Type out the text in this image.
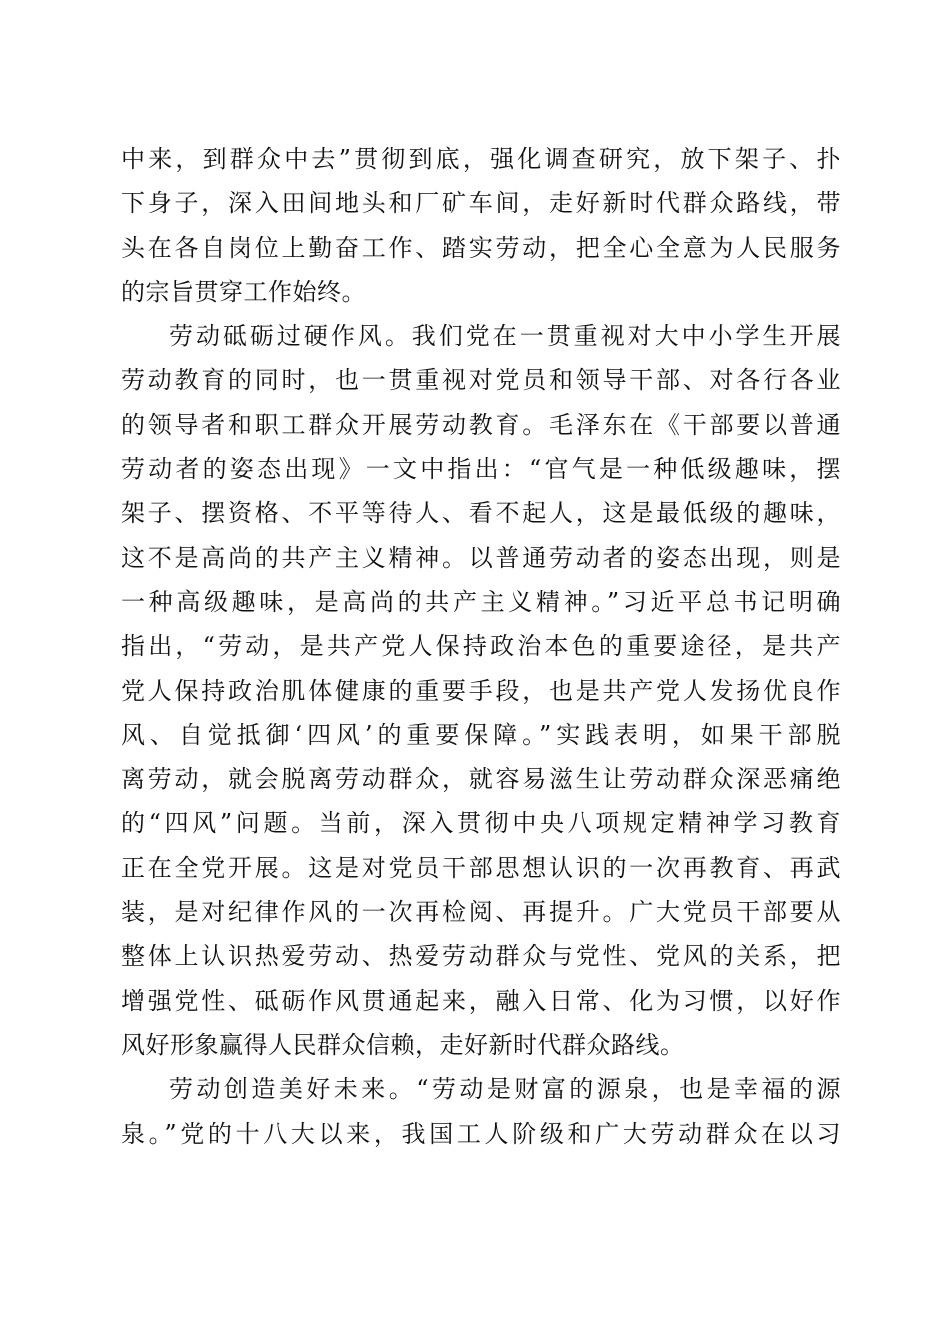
中来，到群众中去”贯彻到底，强化调查研究，放下架子、扑
下身子，深入田间地头和厂矿车间，走好新时代群众路线，带
头在各自岗位上勤奋工作、踏实劳动，把全心全意为人民服务
的宗旨贯穿工作始终。
劳动砥砺过硬作风。我们党在一贯重视对大中小学生开展
劳动教育的同时，也一贯重视对党员和领导干部、对各行各业
的领导者和职工群众开展劳动教育。毛泽东在《干部要以普通
劳动者的姿态出现》一文中指出：“官气是一种低级趣味，摆
架子、摆资格、不平等待人、看不起人，这是最低级的趣味，
这不是高尚的共产主义精神。以普通劳动者的姿态出现，则是
一种高级趣味，是高尚的共产主义精神。”习近平总书记明确
指出，“劳动，是共产党人保持政治本色的重要途径，是共产
党人保持政治肌体健康的重要手段，也是共产党人发扬优良作
风、自觉抵御‘四风’的重要保障。”实践表明，如果干部脱
离劳动，就会脱离劳动群众，就容易滋生让劳动群众深恶痛绝
的“四风”问题。当前，深入贯彻中央八项规定精神学习教育
正在全党开展。这是对党员干部思想认识的一次再教育、再武
装，是对纪律作风的一次再检阅、再提升。广大党员干部要从
整体上认识热爱劳动、热爱劳动群众与党性、党风的关系，把
增强党性、砥砺作风贯通起来，融入日常、化为习惯，以好作
风好形象赢得人民群众信赖，走好新时代群众路线。
劳动创造美好未来。“劳动是财富的源泉，也是幸福的源
泉。”党的十八大以来，我国工人阶级和广大劳动群众在以习
